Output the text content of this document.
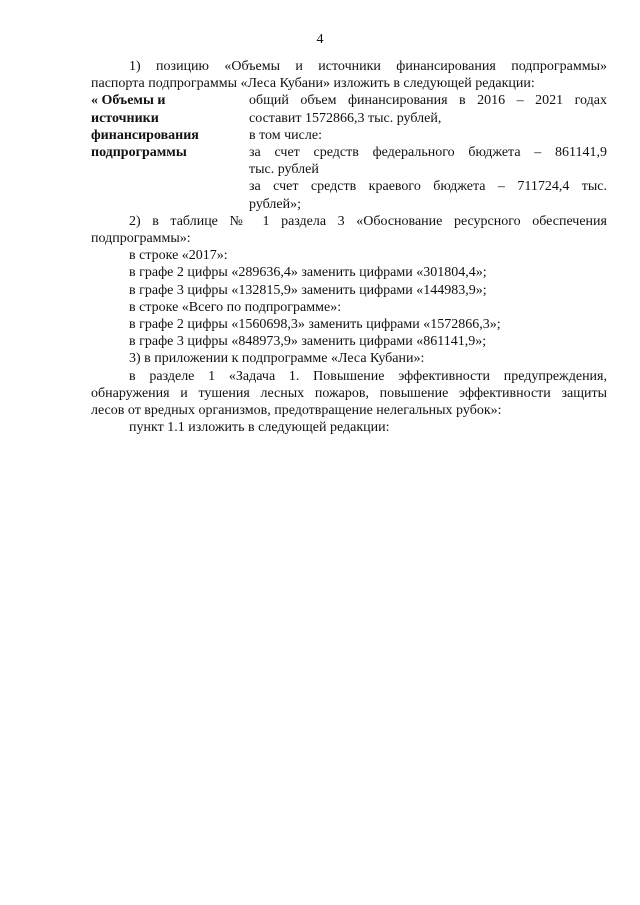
4
1) позицию «Объемы и источники финансирования подпрограммы»
паспорта подпрограммы «Леса Кубани» изложить в следующей редакции:
« Объемы и
источники
финансирования
подпрограммы
общий объем финансирования в 2016 – 2021 годах
составит 1572866,3 тыс. рублей,
в том числе:
за счет средств федерального бюджета – 861141,9
тыс. рублей
за счет средств краевого бюджета – 711724,4 тыс.
рублей»;
2) в таблице № 1 раздела 3 «Обоснование ресурсного обеспечения
подпрограммы»:
в строке «2017»:
в графе 2 цифры «289636,4» заменить цифрами «301804,4»;
в графе 3 цифры «132815,9» заменить цифрами «144983,9»;
в строке «Всего по подпрограмме»:
в графе 2 цифры «1560698,3» заменить цифрами «1572866,3»;
в графе 3 цифры «848973,9» заменить цифрами «861141,9»;
3) в приложении к подпрограмме «Леса Кубани»:
в разделе 1 «Задача 1. Повышение эффективности предупреждения,
обнаружения и тушения лесных пожаров, повышение эффективности защиты
лесов от вредных организмов, предотвращение нелегальных рубок»:
пункт 1.1 изложить в следующей редакции:
